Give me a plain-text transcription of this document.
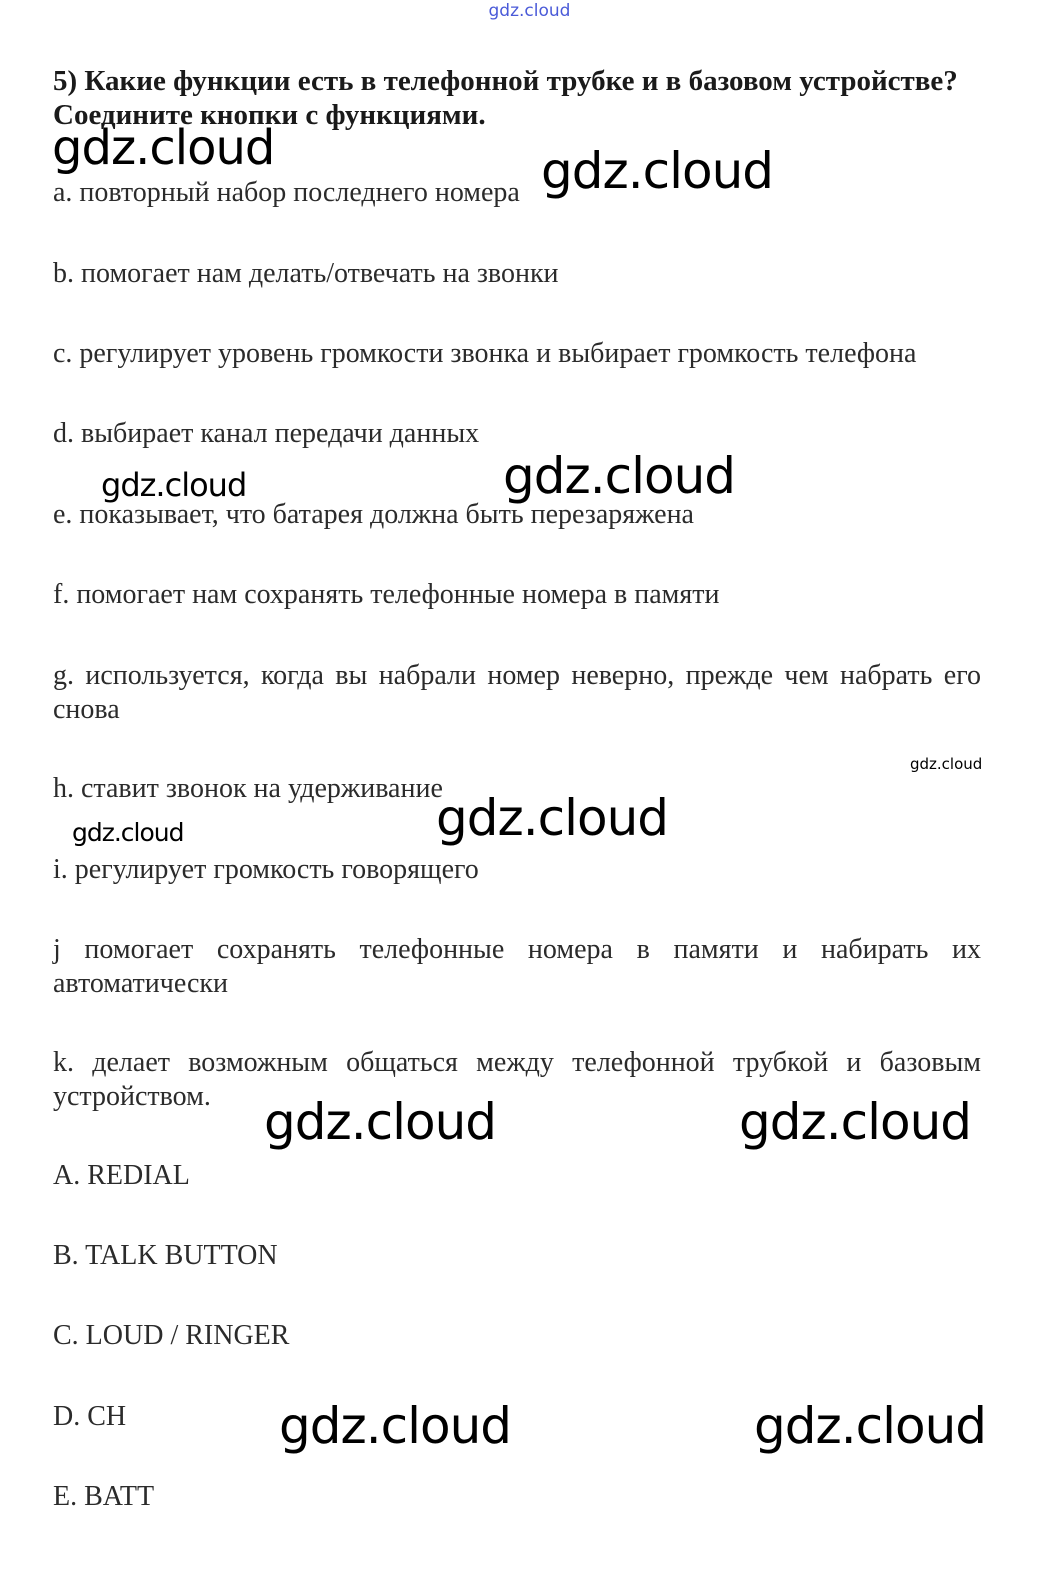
gdz.cloud
5) Какие функции есть в телефонной трубке и в базовом устройстве?
Соедините кнопки с функциями.
a. повторный набор последнего номера
b. помогает нам делать/отвечать на звонки
c. регулирует уровень громкости звонка и выбирает громкость телефона
d. выбирает канал передачи данных
e. показывает, что батарея должна быть перезаряжена
f. помогает нам сохранять телефонные номера в памяти
g. используется, когда вы набрали номер неверно, прежде чем набрать его снова
h. ставит звонок на удерживание
i. регулирует громкость говорящего
j помогает сохранять телефонные номера в памяти и набирать их автоматически
k. делает возможным общаться между телефонной трубкой и базовым устройством.
A. REDIAL
B. TALK BUTTON
C. LOUD / RINGER
D. CH
E. BATT
gdz.cloud	gdz.cloud
gdz.cloud	gdz.cloud
gdz.cloud
gdz.cloud	gdz.cloud
gdz.cloud	gdz.cloud
gdz.cloud	gdz.cloud
